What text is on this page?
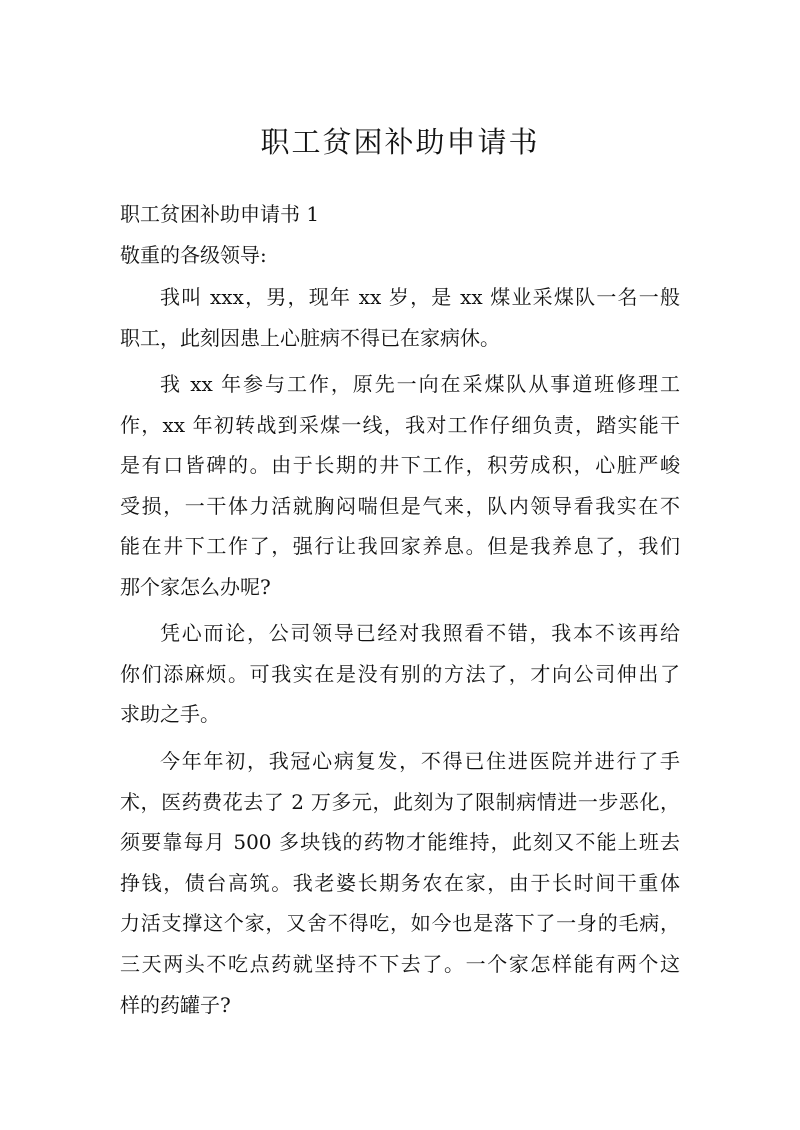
职工贫困补助申请书

职工贫困补助申请书 1

敬重的各级领导:

我叫 xxx，男，现年 xx 岁，是 xx 煤业采煤队一名一般
职工，此刻因患上心脏病不得已在家病休。
我 xx 年参与工作，原先一向在采煤队从事道班修理工
作，xx 年初转战到采煤一线，我对工作仔细负责，踏实能干
是有口皆碑的。由于长期的井下工作，积劳成积，心脏严峻
受损，一干体力活就胸闷喘但是气来，队内领导看我实在不
能在井下工作了，强行让我回家养息。但是我养息了，我们
那个家怎么办呢?
凭心而论，公司领导已经对我照看不错，我本不该再给
你们添麻烦。可我实在是没有别的方法了，才向公司伸出了
求助之手。
今年年初，我冠心病复发，不得已住进医院并进行了手
术，医药费花去了 2 万多元，此刻为了限制病情进一步恶化，
须要靠每月 500 多块钱的药物才能维持，此刻又不能上班去
挣钱，债台高筑。我老婆长期务农在家，由于长时间干重体
力活支撑这个家，又舍不得吃，如今也是落下了一身的毛病，
三天两头不吃点药就坚持不下去了。一个家怎样能有两个这
样的药罐子?
